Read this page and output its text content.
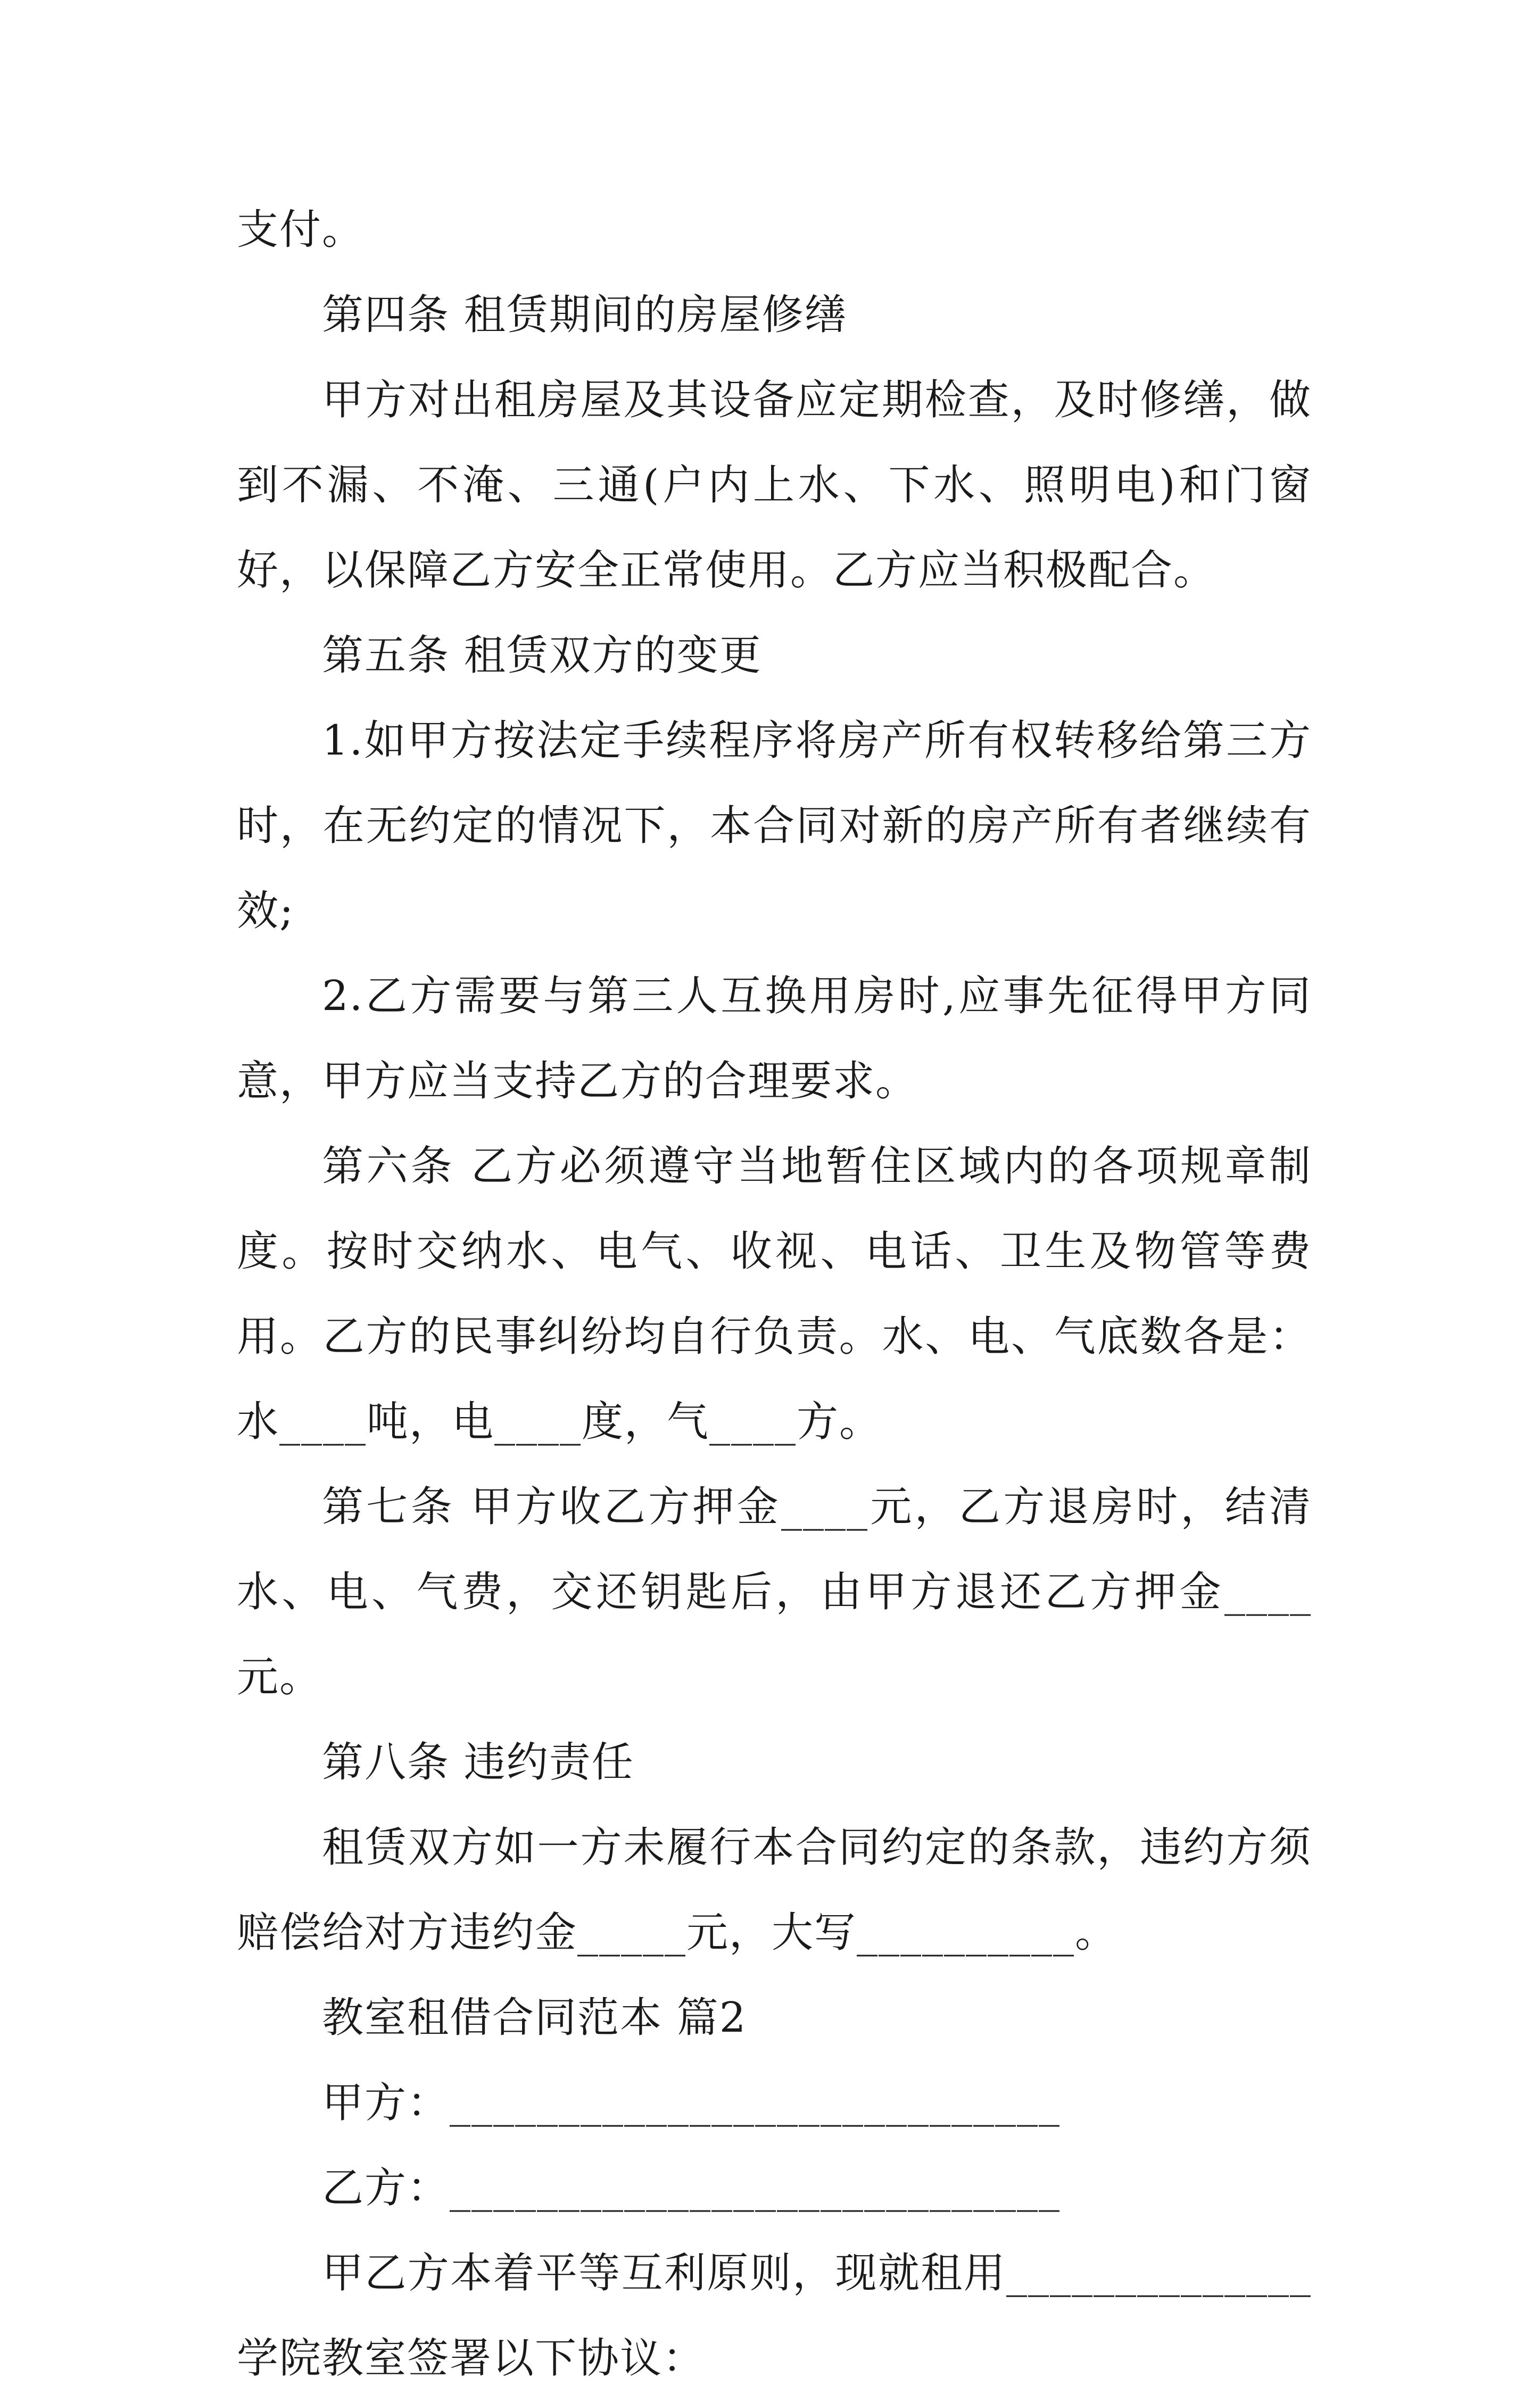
支付。

第四条 租赁期间的房屋修缮

甲方对出租房屋及其设备应定期检查，及时修缮，做到不漏、不淹、三通(户内上水、下水、照明电)和门窗好，以保障乙方安全正常使用。乙方应当积极配合。

第五条 租赁双方的变更

1.如甲方按法定手续程序将房产所有权转移给第三方时，在无约定的情况下，本合同对新的房产所有者继续有效;

2.乙方需要与第三人互换用房时,应事先征得甲方同意，甲方应当支持乙方的合理要求。

第六条 乙方必须遵守当地暂住区域内的各项规章制度。按时交纳水、电气、收视、电话、卫生及物管等费用。乙方的民事纠纷均自行负责。水、电、气底数各是：水____吨，电____度，气____方。

第七条 甲方收乙方押金____元，乙方退房时，结清水、电、气费，交还钥匙后，由甲方退还乙方押金____元。

第八条 违约责任

租赁双方如一方未履行本合同约定的条款，违约方须赔偿给对方违约金_____元，大写__________。

教室租借合同范本 篇2

甲方：____________________________

乙方：____________________________

甲乙方本着平等互利原则，现就租用______________学院教室签署以下协议：
